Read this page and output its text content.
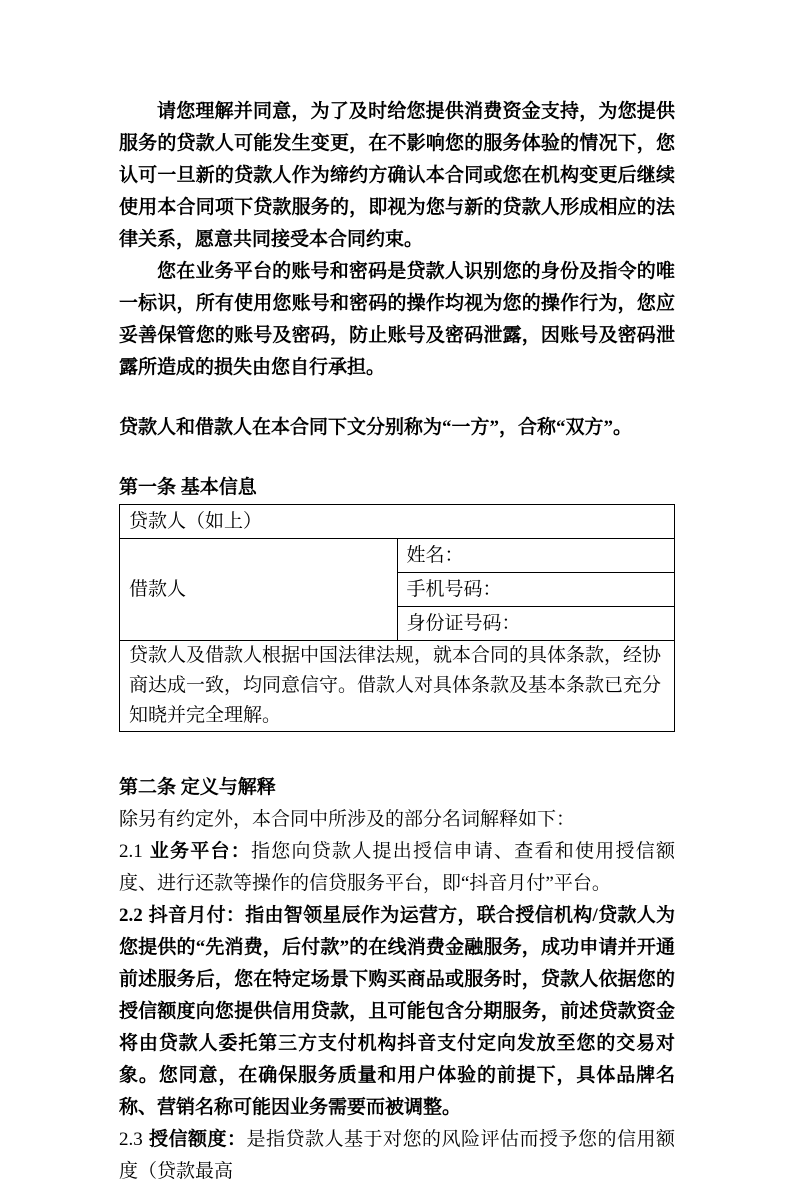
请您理解并同意，为了及时给您提供消费资金支持，为您提供服务的贷款人可能发生变更，在不影响您的服务体验的情况下，您认可一旦新的贷款人作为缔约方确认本合同或您在机构变更后继续使用本合同项下贷款服务的，即视为您与新的贷款人形成相应的法律关系，愿意共同接受本合同约束。

您在业务平台的账号和密码是贷款人识别您的身份及指令的唯一标识，所有使用您账号和密码的操作均视为您的操作行为，您应妥善保管您的账号及密码，防止账号及密码泄露，因账号及密码泄露所造成的损失由您自行承担。

贷款人和借款人在本合同下文分别称为“一方”，合称“双方”。

第一条 基本信息

贷款人（如上）
借款人	姓名：
手机号码：
身份证号码：
贷款人及借款人根据中国法律法规，就本合同的具体条款，经协商达成一致，均同意信守。借款人对具体条款及基本条款已充分知晓并完全理解。

第二条 定义与解释

除另有约定外，本合同中所涉及的部分名词解释如下：

2.1 业务平台：指您向贷款人提出授信申请、查看和使用授信额度、进行还款等操作的信贷服务平台，即“抖音月付”平台。

2.2 抖音月付：指由智领星辰作为运营方，联合授信机构/贷款人为您提供的“先消费，后付款”的在线消费金融服务，成功申请并开通前述服务后，您在特定场景下购买商品或服务时，贷款人依据您的授信额度向您提供信用贷款，且可能包含分期服务，前述贷款资金将由贷款人委托第三方支付机构抖音支付定向发放至您的交易对象。您同意，在确保服务质量和用户体验的前提下，具体品牌名称、营销名称可能因业务需要而被调整。

2.3 授信额度：是指贷款人基于对您的风险评估而授予您的信用额度（贷款最高
